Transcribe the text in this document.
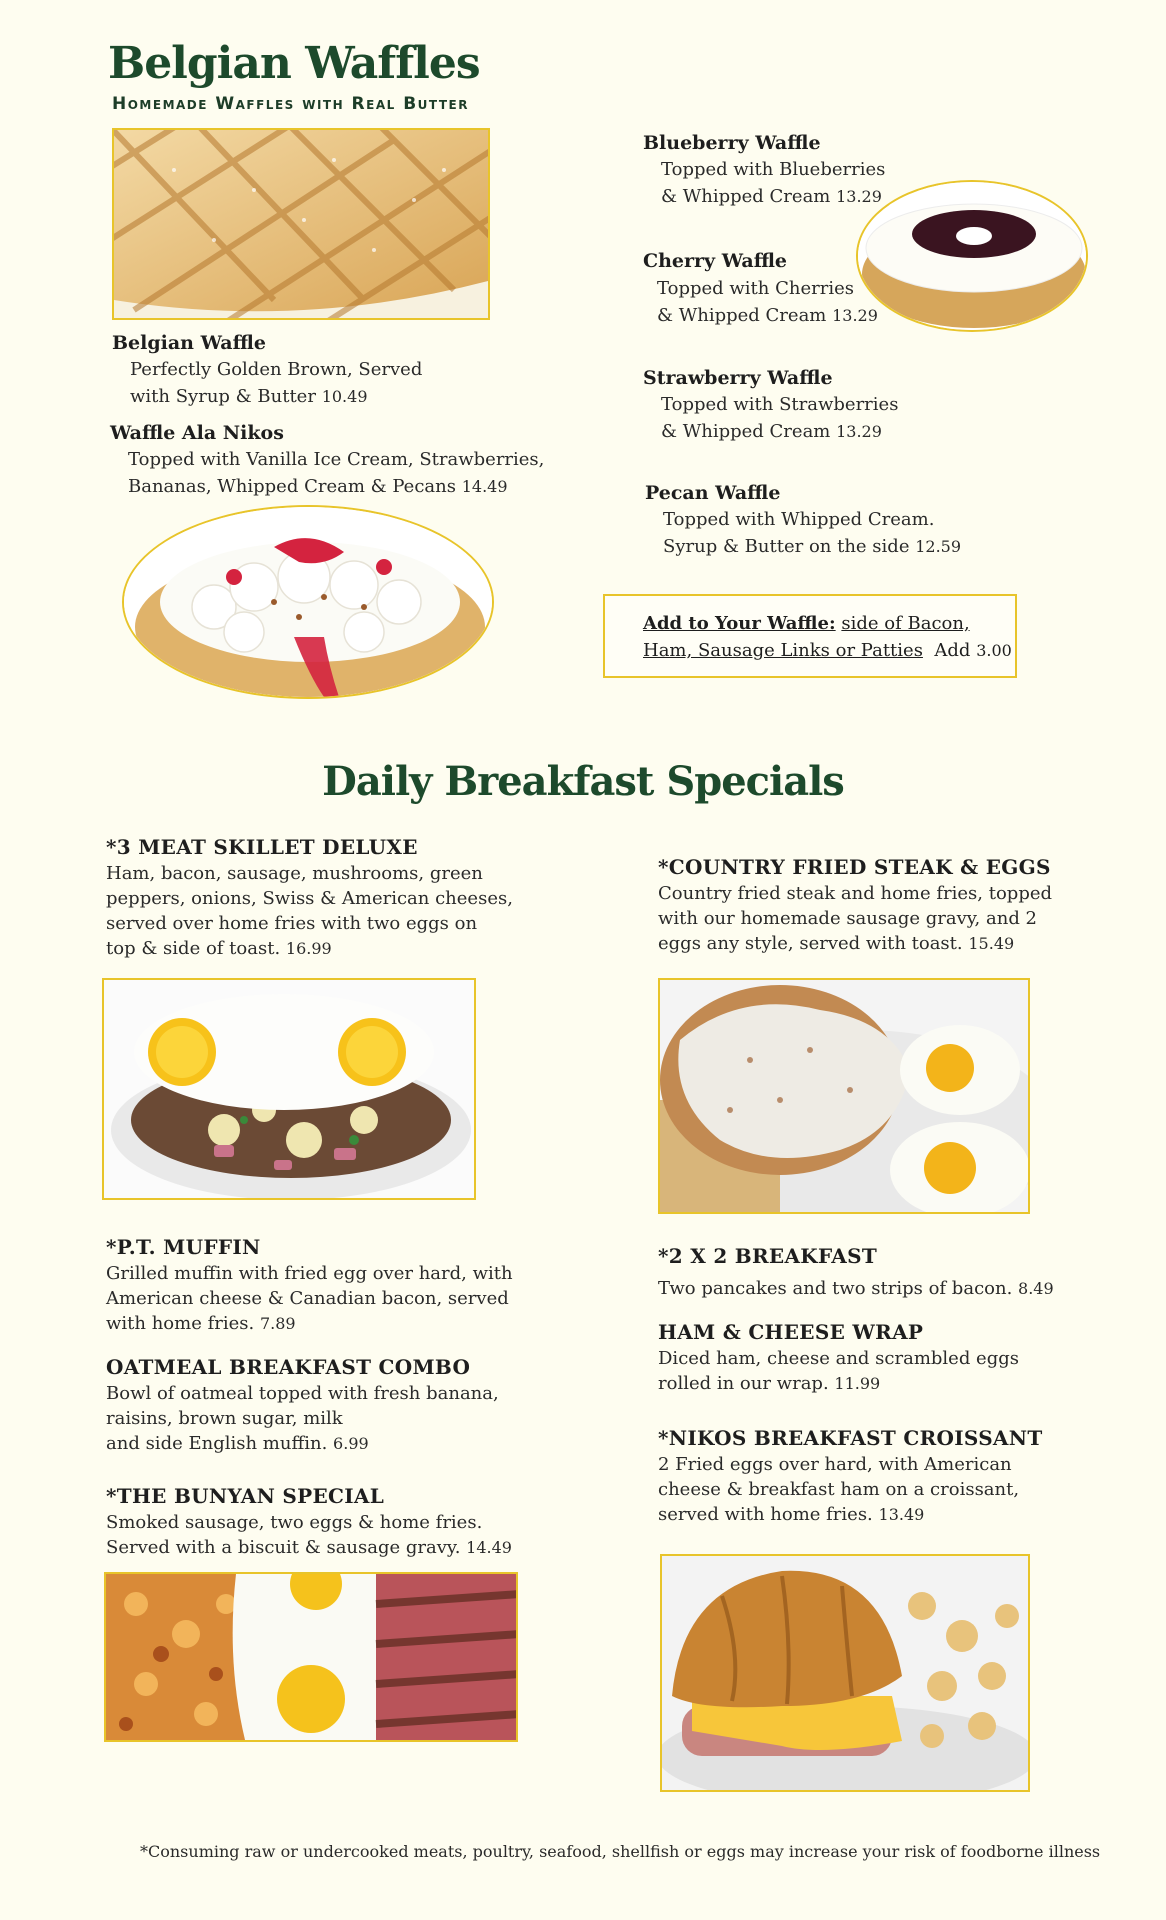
Belgian Waffles
Homemade Waffles with Real Butter
Belgian Waffle
Perfectly Golden Brown, Served
with Syrup & Butter 10.49
Waffle Ala Nikos
Topped with Vanilla Ice Cream, Strawberries,
Bananas, Whipped Cream & Pecans 14.49
Blueberry Waffle
Topped with Blueberries
& Whipped Cream 13.29
Cherry Waffle
Topped with Cherries
& Whipped Cream 13.29
Strawberry Waffle
Topped with Strawberries
& Whipped Cream 13.29
Pecan Waffle
Topped with Whipped Cream.
Syrup & Butter on the side 12.59
Add to Your Waffle: side of Bacon,
Ham, Sausage Links or Patties Add 3.00
Daily Breakfast Specials
*3 MEAT SKILLET DELUXE
Ham, bacon, sausage, mushrooms, green
peppers, onions, Swiss & American cheeses,
served over home fries with two eggs on
top & side of toast. 16.99
*COUNTRY FRIED STEAK & EGGS
Country fried steak and home fries, topped
with our homemade sausage gravy, and 2
eggs any style, served with toast. 15.49
*P.T. MUFFIN
Grilled muffin with fried egg over hard, with
American cheese & Canadian bacon, served
with home fries. 7.89
*2 X 2 BREAKFAST
Two pancakes and two strips of bacon. 8.49
OATMEAL BREAKFAST COMBO
Bowl of oatmeal topped with fresh banana,
raisins, brown sugar, milk
and side English muffin. 6.99
HAM & CHEESE WRAP
Diced ham, cheese and scrambled eggs
rolled in our wrap. 11.99
*THE BUNYAN SPECIAL
Smoked sausage, two eggs & home fries.
Served with a biscuit & sausage gravy. 14.49
*NIKOS BREAKFAST CROISSANT
2 Fried eggs over hard, with American
cheese & breakfast ham on a croissant,
served with home fries. 13.49
*Consuming raw or undercooked meats, poultry, seafood, shellfish or eggs may increase your risk of foodborne illness
